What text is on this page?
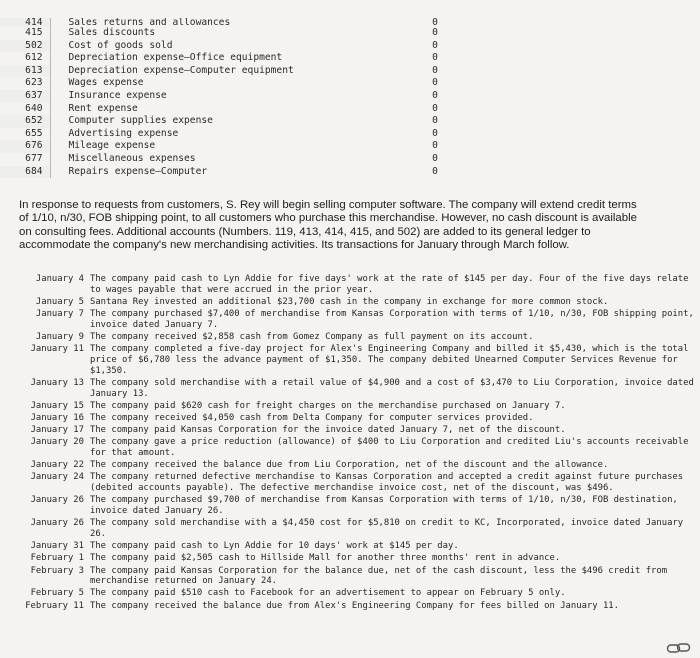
414	Sales returns and allowances	0	
415	Sales discounts	0	
502	Cost of goods sold	0	
612	Depreciation expense—Office equipment	0	
613	Depreciation expense—Computer equipment	0	
623	Wages expense	0	
637	Insurance expense	0	
640	Rent expense	0	
652	Computer supplies expense	0	
655	Advertising expense	0	
676	Mileage expense	0	
677	Miscellaneous expenses	0	
684	Repairs expense—Computer	0	

In response to requests from customers, S. Rey will begin selling computer software. The company will extend credit terms
of 1/10, n/30, FOB shipping point, to all customers who purchase this merchandise. However, no cash discount is available
on consulting fees. Additional accounts (Numbers. 119, 413, 414, 415, and 502) are added to its general ledger to
accommodate the company's new merchandising activities. Its transactions for January through March follow.

January 4	The company paid cash to Lyn Addie for five days' work at the rate of $145 per day. Four of the five days relate to wages payable that were accrued in the prior year.
January 5	Santana Rey invested an additional $23,700 cash in the company in exchange for more common stock.
January 7	The company purchased $7,400 of merchandise from Kansas Corporation with terms of 1/10, n/30, FOB shipping point, invoice dated January 7.
January 9	The company received $2,858 cash from Gomez Company as full payment on its account.
January 11	The company completed a five-day project for Alex's Engineering Company and billed it $5,430, which is the total price of $6,780 less the advance payment of $1,350. The company debited Unearned Computer Services Revenue for $1,350.
January 13	The company sold merchandise with a retail value of $4,900 and a cost of $3,470 to Liu Corporation, invoice dated January 13.
January 15	The company paid $620 cash for freight charges on the merchandise purchased on January 7.
January 16	The company received $4,050 cash from Delta Company for computer services provided.
January 17	The company paid Kansas Corporation for the invoice dated January 7, net of the discount.
January 20	The company gave a price reduction (allowance) of $400 to Liu Corporation and credited Liu's accounts receivable for that amount.
January 22	The company received the balance due from Liu Corporation, net of the discount and the allowance.
January 24	The company returned defective merchandise to Kansas Corporation and accepted a credit against future purchases (debited accounts payable). The defective merchandise invoice cost, net of the discount, was $496.
January 26	The company purchased $9,700 of merchandise from Kansas Corporation with terms of 1/10, n/30, FOB destination, invoice dated January 26.
January 26	The company sold merchandise with a $4,450 cost for $5,810 on credit to KC, Incorporated, invoice dated January 26.
January 31	The company paid cash to Lyn Addie for 10 days' work at $145 per day.
February 1	The company paid $2,505 cash to Hillside Mall for another three months' rent in advance.
February 3	The company paid Kansas Corporation for the balance due, net of the cash discount, less the $496 credit from merchandise returned on January 24.
February 5	The company paid $510 cash to Facebook for an advertisement to appear on February 5 only.
February 11	The company received the balance due from Alex's Engineering Company for fees billed on January 11.
